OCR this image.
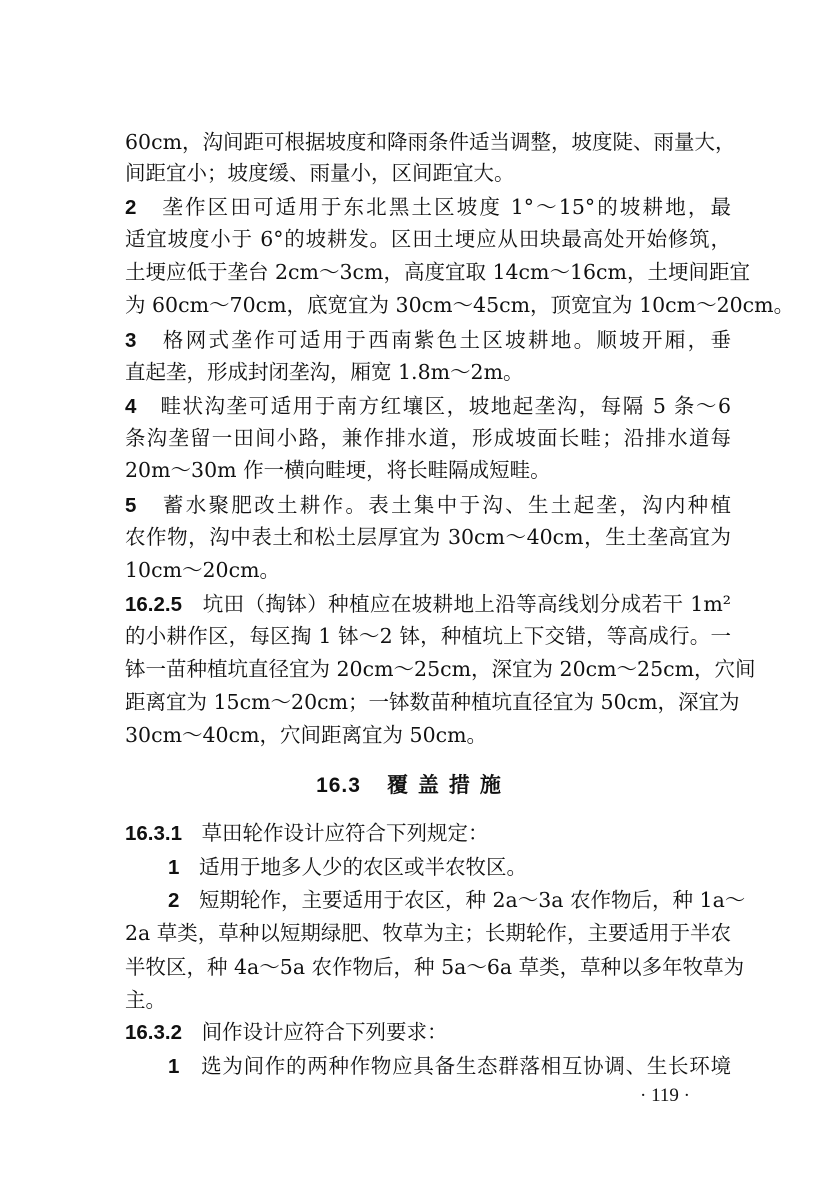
60cm，沟间距可根据坡度和降雨条件适当调整，坡度陡、雨量大，
间距宜小；坡度缓、雨量小，区间距宜大。
2 垄作区田可适用于东北黑土区坡度 1°～15°的坡耕地，最
适宜坡度小于 6°的坡耕发。区田土埂应从田块最高处开始修筑，
土埂应低于垄台 2cm～3cm，高度宜取 14cm～16cm，土埂间距宜
为 60cm～70cm，底宽宜为 30cm～45cm，顶宽宜为 10cm～20cm。
3 格网式垄作可适用于西南紫色土区坡耕地。顺坡开厢，垂
直起垄，形成封闭垄沟，厢宽 1.8m～2m。
4 畦状沟垄可适用于南方红壤区，坡地起垄沟，每隔 5 条～6
条沟垄留一田间小路，兼作排水道，形成坡面长畦；沿排水道每
20m～30m 作一横向畦埂，将长畦隔成短畦。
5 蓄水聚肥改土耕作。表土集中于沟、生土起垄，沟内种植
农作物，沟中表土和松土层厚宜为 30cm～40cm，生土垄高宜为
10cm～20cm。
16.2.5 坑田（掏钵）种植应在坡耕地上沿等高线划分成若干 1m²
的小耕作区，每区掏 1 钵～2 钵，种植坑上下交错，等高成行。一
钵一苗种植坑直径宜为 20cm～25cm，深宜为 20cm～25cm，穴间
距离宜为 15cm～20cm；一钵数苗种植坑直径宜为 50cm，深宜为
30cm～40cm，穴间距离宜为 50cm。
16.3 覆盖措施
16.3.1 草田轮作设计应符合下列规定：
1 适用于地多人少的农区或半农牧区。
2 短期轮作，主要适用于农区，种 2a～3a 农作物后，种 1a～
2a 草类，草种以短期绿肥、牧草为主；长期轮作，主要适用于半农
半牧区，种 4a～5a 农作物后，种 5a～6a 草类，草种以多年牧草为
主。
16.3.2 间作设计应符合下列要求：
1 选为间作的两种作物应具备生态群落相互协调、生长环境
· 119 ·
